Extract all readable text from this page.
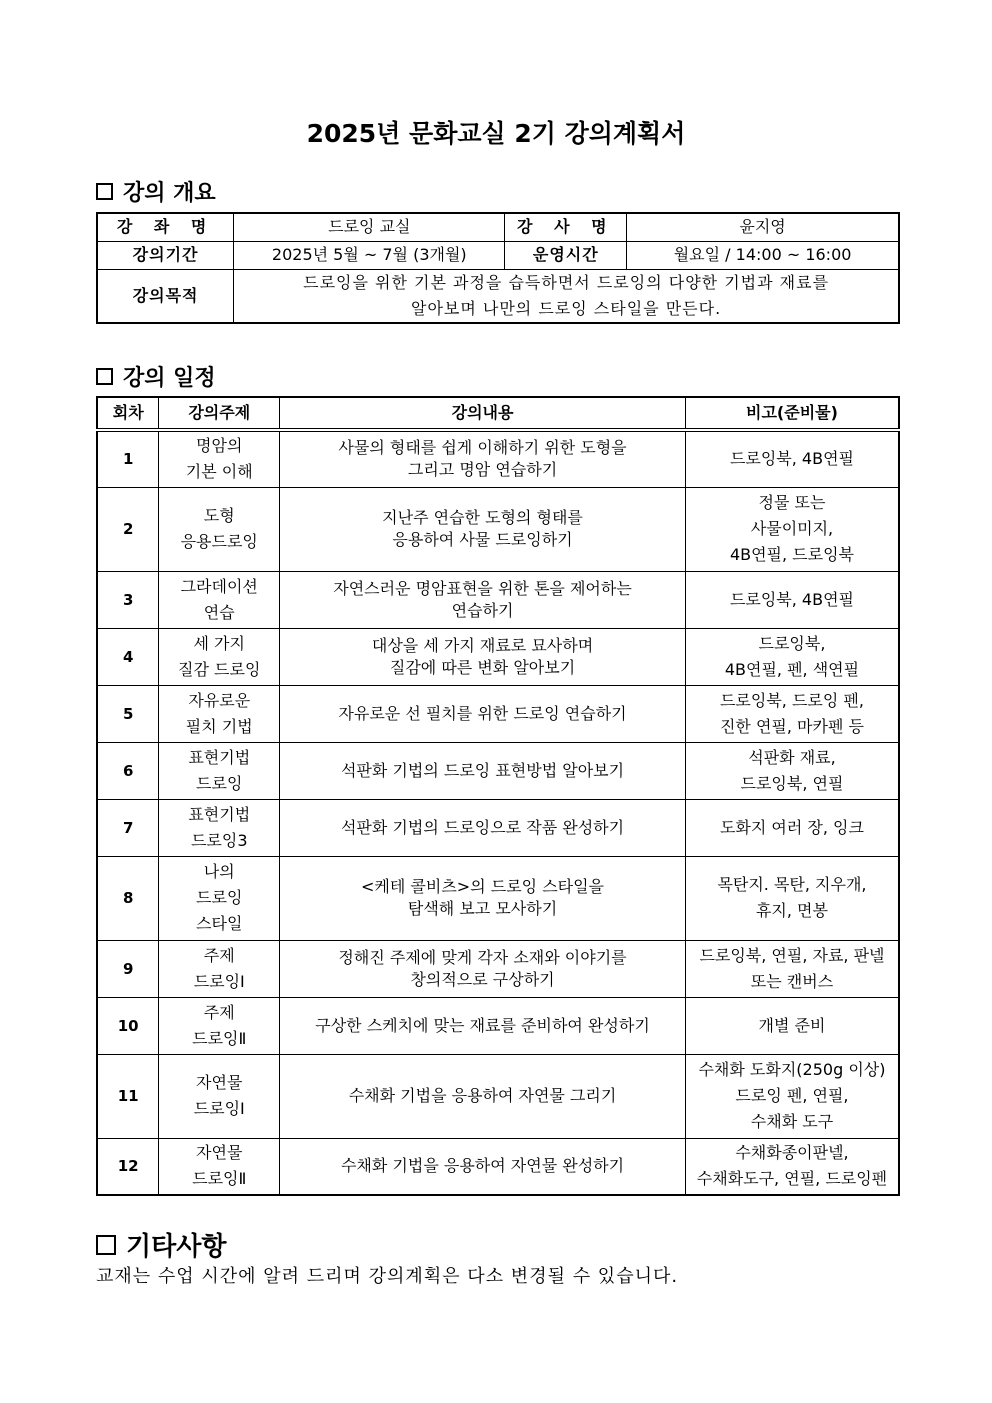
2025년 문화교실 2기 강의계획서
강의 개요
강 좌 명	드로잉 교실	강 사 명	윤지영
강의기간	2025년 5월 ~ 7월 (3개월)	운영시간	월요일 / 14:00 ~ 16:00
강의목적	드로잉을 위한 기본 과정을 습득하면서 드로잉의 다양한 기법과 재료를
알아보며 나만의 드로잉 스타일을 만든다.		
강의 일정
회차	강의주제	강의내용	비고(준비물)
1	명암의
기본 이해	사물의 형태를 쉽게 이해하기 위한 도형을
그리고 명암 연습하기	드로잉북, 4B연필

2	도형
응용드로잉	지난주 연습한 도형의 형태를
응용하여 사물 드로잉하기	정물 또는
사물이미지,
4B연필, 드로잉북

3	그라데이션
연습	자연스러운 명암표현을 위한 톤을 제어하는
연습하기	드로잉북, 4B연필

4	세 가지
질감 드로잉	대상을 세 가지 재료로 묘사하며
질감에 따른 변화 알아보기	드로잉북,
4B연필, 펜, 색연필

5	자유로운
필치 기법	자유로운 선 필치를 위한 드로잉 연습하기	드로잉북, 드로잉 펜,
진한 연필, 마카펜 등

6	표현기법
드로잉	석판화 기법의 드로잉 표현방법 알아보기	석판화 재료,
드로잉북, 연필

7	표현기법
드로잉3	석판화 기법의 드로잉으로 작품 완성하기	도화지 여러 장, 잉크

8	나의
드로잉
스타일	<케테 콜비츠>의 드로잉 스타일을
탐색해 보고 모사하기	목탄지. 목탄, 지우개,
휴지, 면봉

9	주제
드로잉Ⅰ	정해진 주제에 맞게 각자 소재와 이야기를
창의적으로 구상하기	드로잉북, 연필, 자료, 판넬
또는 캔버스

10	주제
드로잉Ⅱ	구상한 스케치에 맞는 재료를 준비하여 완성하기	개별 준비

11	자연물
드로잉Ⅰ	수채화 기법을 응용하여 자연물 그리기	수채화 도화지(250g 이상)
드로잉 펜, 연필,
수채화 도구

12	자연물
드로잉Ⅱ	수채화 기법을 응용하여 자연물 완성하기	수채화종이판넬,
수채화도구, 연필, 드로잉펜
기타사항
교재는 수업 시간에 알려 드리며 강의계획은 다소 변경될 수 있습니다.
